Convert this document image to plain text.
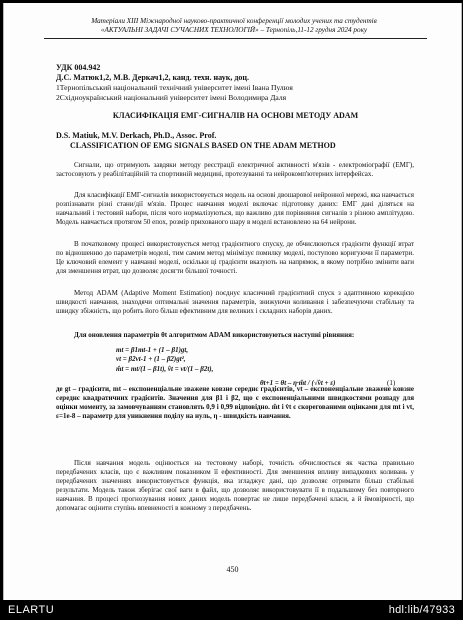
Матеріали XIII Міжнародної науково-практичної конференції молодих учених та студентів
«АКТУАЛЬНІ ЗАДАЧІ СУЧАСНИХ ТЕХНОЛОГІЙ» – Тернопіль,11-12 грудня 2024 року
УДК 004.942
Д.С. Матюк1,2, М.В. Деркач1,2, канд. техн. наук, доц.
1Тернопільський національний технічний університет імені Івана Пулюя
2Східноукраїнський національний університет імені Володимира Даля
КЛАСИФІКАЦІЯ ЕМГ-СИГНАЛІВ НА ОСНОВІ МЕТОДУ ADAM
D.S. Matiuk, M.V. Derkach, Ph.D., Assoc. Prof.
CLASSIFICATION OF EMG SIGNALS BASED ON THE ADAM METHOD
Сигнали, що отримують завдяки методу реєстрації електричної активності м'язів - електроміографії (ЕМГ), застосовують у реабілітаційній та спортивній медицині, протезуванні та нейрокомп'ютерних інтерфейсах.
Для класифікації ЕМГ-сигналів використовується модель на основі двошарової нейронної мережі, яка навчається розпізнавати різні стани/дії м'язів. Процес навчання моделі включає підготовку даних: ЕМГ дані діляться на навчальний і тестовий набори, після чого нормалізуються, що важливо для порівняння сигналів з різною амплітудою. Модель навчається протягом 50 епох, розмір прихованого шару в моделі встановлено на 64 нейрони.
В початковому процесі використовується метод градієнтного спуску, де обчислюються градієнти функції втрат по відношенню до параметрів моделі, тим самим метод мінімізує помилку моделі, поступово коригуючи її параметри. Це ключовий елемент у навчанні моделі, оскільки ці градієнти вказують на напрямок, в якому потрібно змінити ваги для зменшення втрат, що дозволяє досягти більшої точності.
Метод ADAM (Adaptive Moment Estimation) поєднує класичний градієнтний спуск з адаптивною корекцією швидкості навчання, знаходячи оптимальні значення параметрів, знижуючи коливання і забезпечуючи стабільну та швидку збіжність, що робить його більш ефективним для великих і складних наборів даних.
Для оновлення параметрів θt алгоритмом ADAM використовуються наступні рівняння:
mt = β1mt-1 + (1 – β1)gt,
vt = β2vt-1 + (1 – β2)gt²,
m̂t = mt/(1 – β1t), v̂t = vt/(1 – β2t),
θt+1 = θt – η·m̂t / (√v̂t + ε)	(1)
де gt – градієнти, mt – експоненціальне зважене ковзне середнє градієнтів, vt – експоненціальне зважене ковзне середнє квадратичних градієнтів. Значення для β1 і β2, що є експоненціальними швидкостями розпаду для оцінки моменту, за замовчуванням становлять 0,9 і 0,99 відповідно. m̂t і v̂t є скорегованими оцінками для mt і vt, ε=1e-8 – параметр для уникнення поділу на нуль, η - швидкість навчання.
Після навчання модель оцінюється на тестовому наборі, точність обчислюється як частка правильно передбачених класів, що є важливим показником її ефективності. Для зменшення впливу випадкових коливань у передбачених значеннях використовується функція, яка згладжує дані, що дозволяє отримати більш стабільні результати. Модель також зберігає свої ваги в файл, що дозволяє використовувати її в подальшому без повторного навчання. В процесі прогнозування нових даних модель повертає не лише передбачені класи, а й ймовірності, що допомагає оцінити ступінь впевненості в кожному з передбачень.
450
ELARTU	hdl:lib/47933
